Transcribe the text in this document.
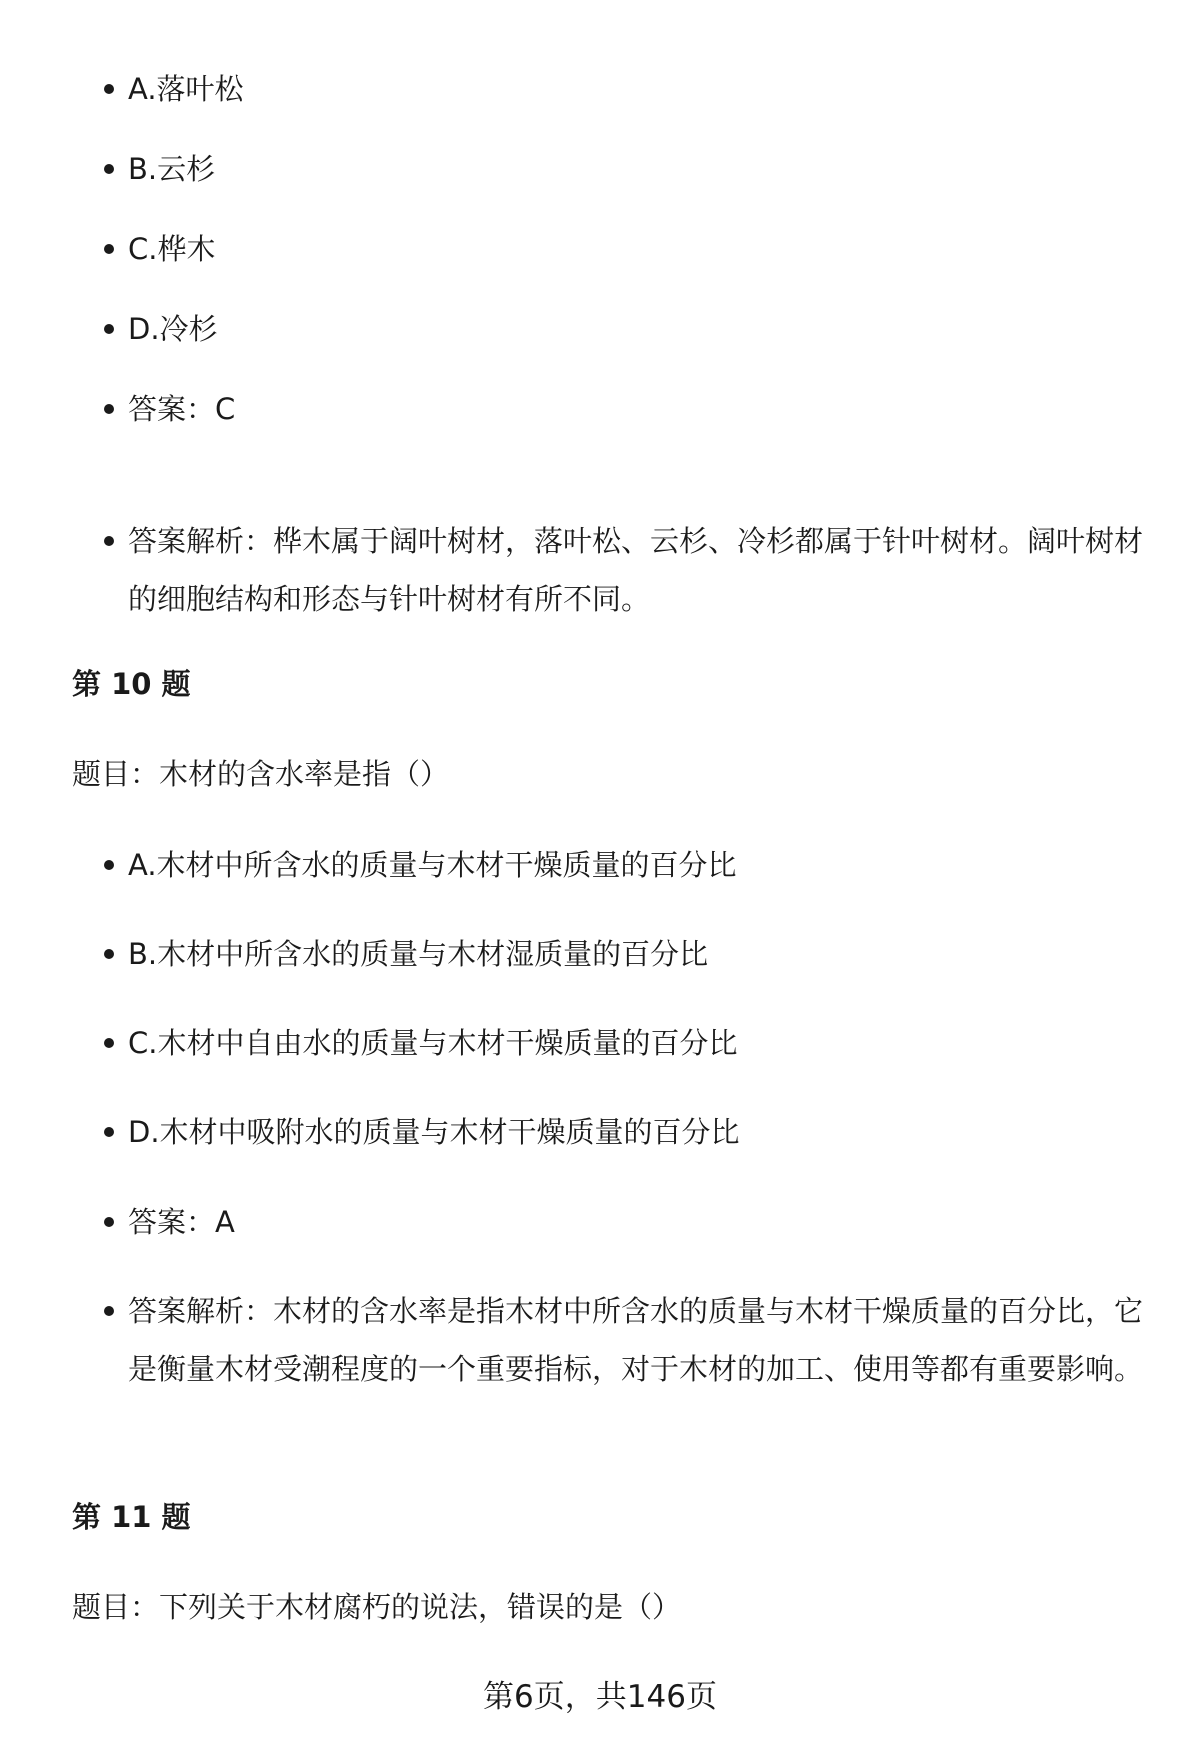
A.落叶松
B.云杉
C.桦木
D.冷杉
答案：C
答案解析：桦木属于阔叶树材，落叶松、云杉、冷杉都属于针叶树材。阔叶树材的细胞结构和形态与针叶树材有所不同。
第 10 题
题目：木材的含水率是指（）
A.木材中所含水的质量与木材干燥质量的百分比
B.木材中所含水的质量与木材湿质量的百分比
C.木材中自由水的质量与木材干燥质量的百分比
D.木材中吸附水的质量与木材干燥质量的百分比
答案：A
答案解析：木材的含水率是指木材中所含水的质量与木材干燥质量的百分比，它是衡量木材受潮程度的一个重要指标，对于木材的加工、使用等都有重要影响。
第 11 题
题目：下列关于木材腐朽的说法，错误的是（）
第6页，共146页
